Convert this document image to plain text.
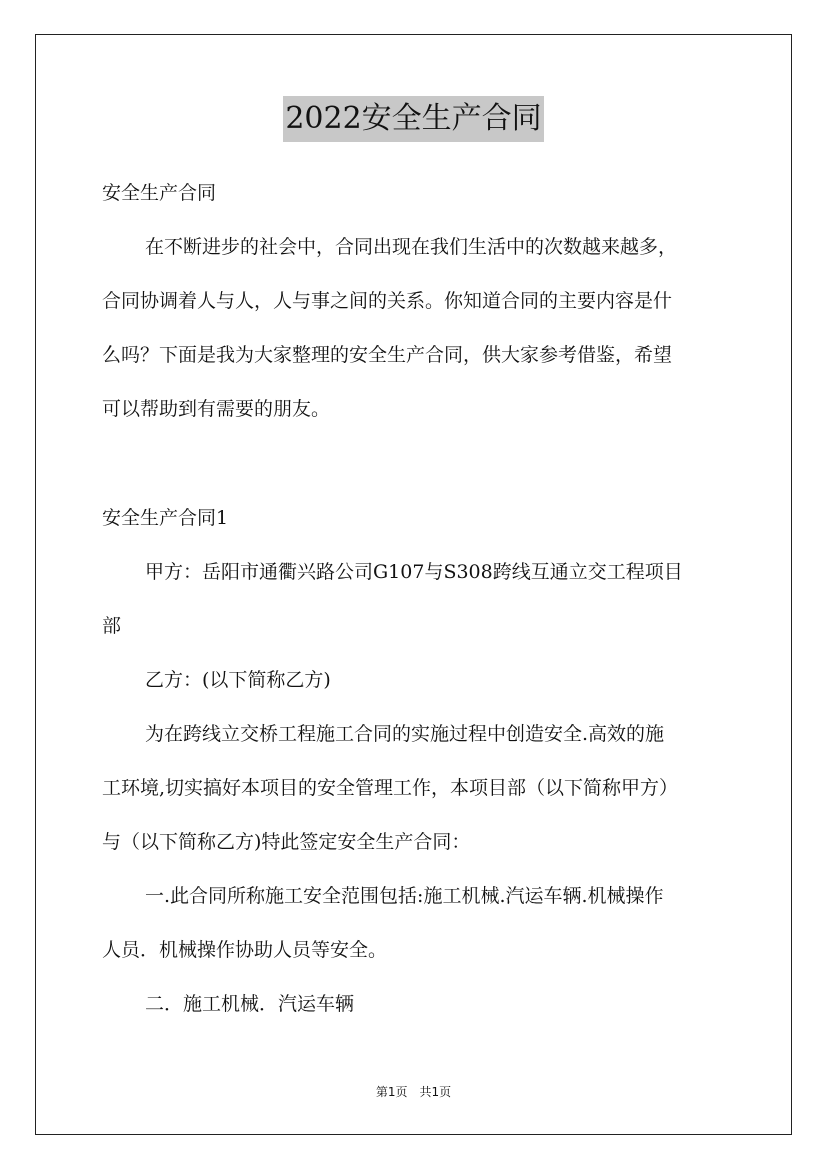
2022安全生产合同
安全生产合同
在不断进步的社会中，合同出现在我们生活中的次数越来越多，
合同协调着人与人，人与事之间的关系。你知道合同的主要内容是什
么吗？下面是我为大家整理的安全生产合同，供大家参考借鉴，希望
可以帮助到有需要的朋友。
安全生产合同1
甲方：岳阳市通衢兴路公司G107与S308跨线互通立交工程项目
部
乙方：(以下简称乙方)
为在跨线立交桥工程施工合同的实施过程中创造安全.高效的施
工环境,切实搞好本项目的安全管理工作，本项目部（以下简称甲方）
与（以下简称乙方)特此签定安全生产合同：
一.此合同所称施工安全范围包括:施工机械.汽运车辆.机械操作
人员．机械操作协助人员等安全。
二．施工机械．汽运车辆
第1页　共1页
